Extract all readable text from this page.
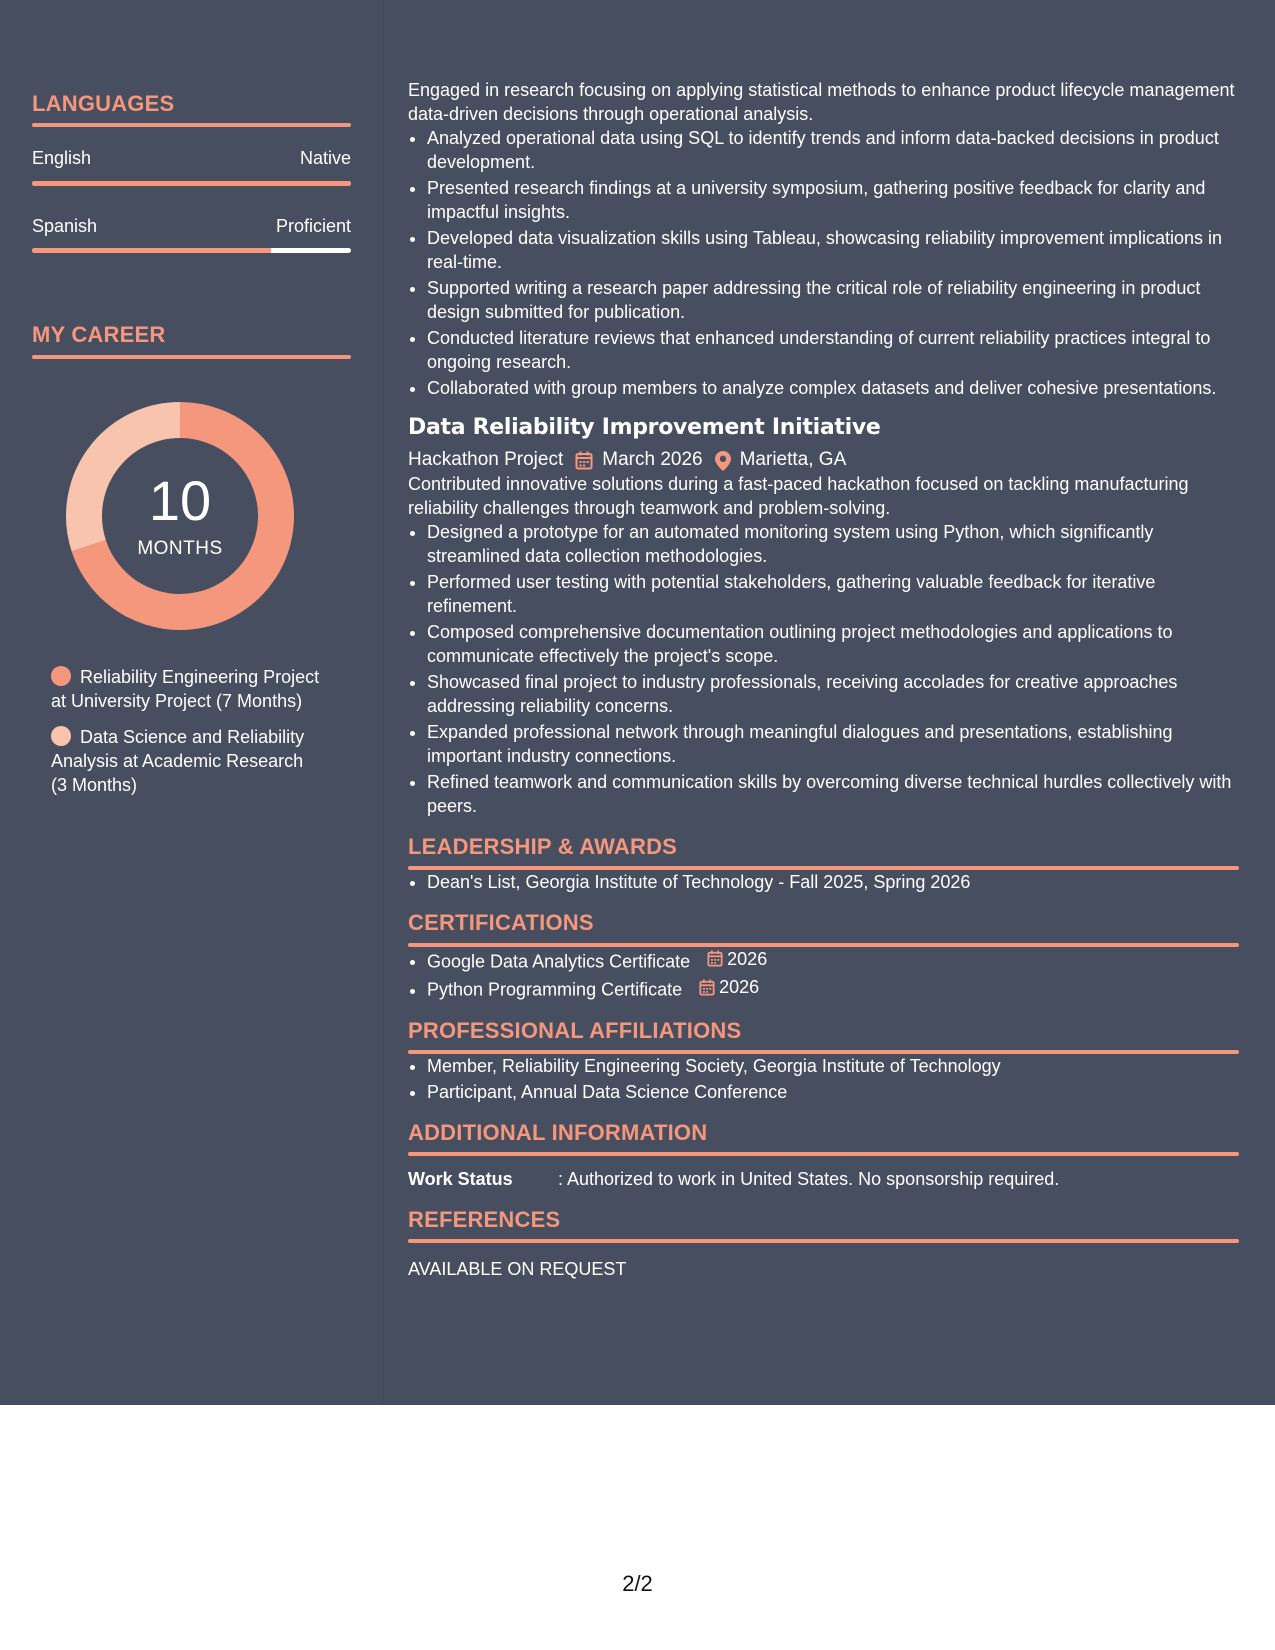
LANGUAGES
English	Native
Spanish	Proficient
MY CAREER
10
MONTHS
Reliability Engineering Project at University Project (7 Months)
Data Science and Reliability Analysis at Academic Research (3 Months)

Engaged in research focusing on applying statistical methods to enhance product lifecycle management data-driven decisions through operational analysis.

• Analyzed operational data using SQL to identify trends and inform data-backed decisions in product development.
• Presented research findings at a university symposium, gathering positive feedback for clarity and impactful insights.
• Developed data visualization skills using Tableau, showcasing reliability improvement implications in real-time.
• Supported writing a research paper addressing the critical role of reliability engineering in product design submitted for publication.
• Conducted literature reviews that enhanced understanding of current reliability practices integral to ongoing research.
• Collaborated with group members to analyze complex datasets and deliver cohesive presentations.
Data Reliability Improvement Initiative
Hackathon Project March 2026 Marietta, GA

Contributed innovative solutions during a fast-paced hackathon focused on tackling manufacturing reliability challenges through teamwork and problem-solving.

• Designed a prototype for an automated monitoring system using Python, which significantly streamlined data collection methodologies.
• Performed user testing with potential stakeholders, gathering valuable feedback for iterative refinement.
• Composed comprehensive documentation outlining project methodologies and applications to communicate effectively the project's scope.
• Showcased final project to industry professionals, receiving accolades for creative approaches addressing reliability concerns.
• Expanded professional network through meaningful dialogues and presentations, establishing important industry connections.
• Refined teamwork and communication skills by overcoming diverse technical hurdles collectively with peers.
LEADERSHIP & AWARDS
• Dean's List, Georgia Institute of Technology - Fall 2025, Spring 2026
CERTIFICATIONS
• Google Data Analytics Certificate 2026
• Python Programming Certificate 2026
PROFESSIONAL AFFILIATIONS
• Member, Reliability Engineering Society, Georgia Institute of Technology
• Participant, Annual Data Science Conference
ADDITIONAL INFORMATION
Work Status	: Authorized to work in United States. No sponsorship required.
REFERENCES
AVAILABLE ON REQUEST
2/2
